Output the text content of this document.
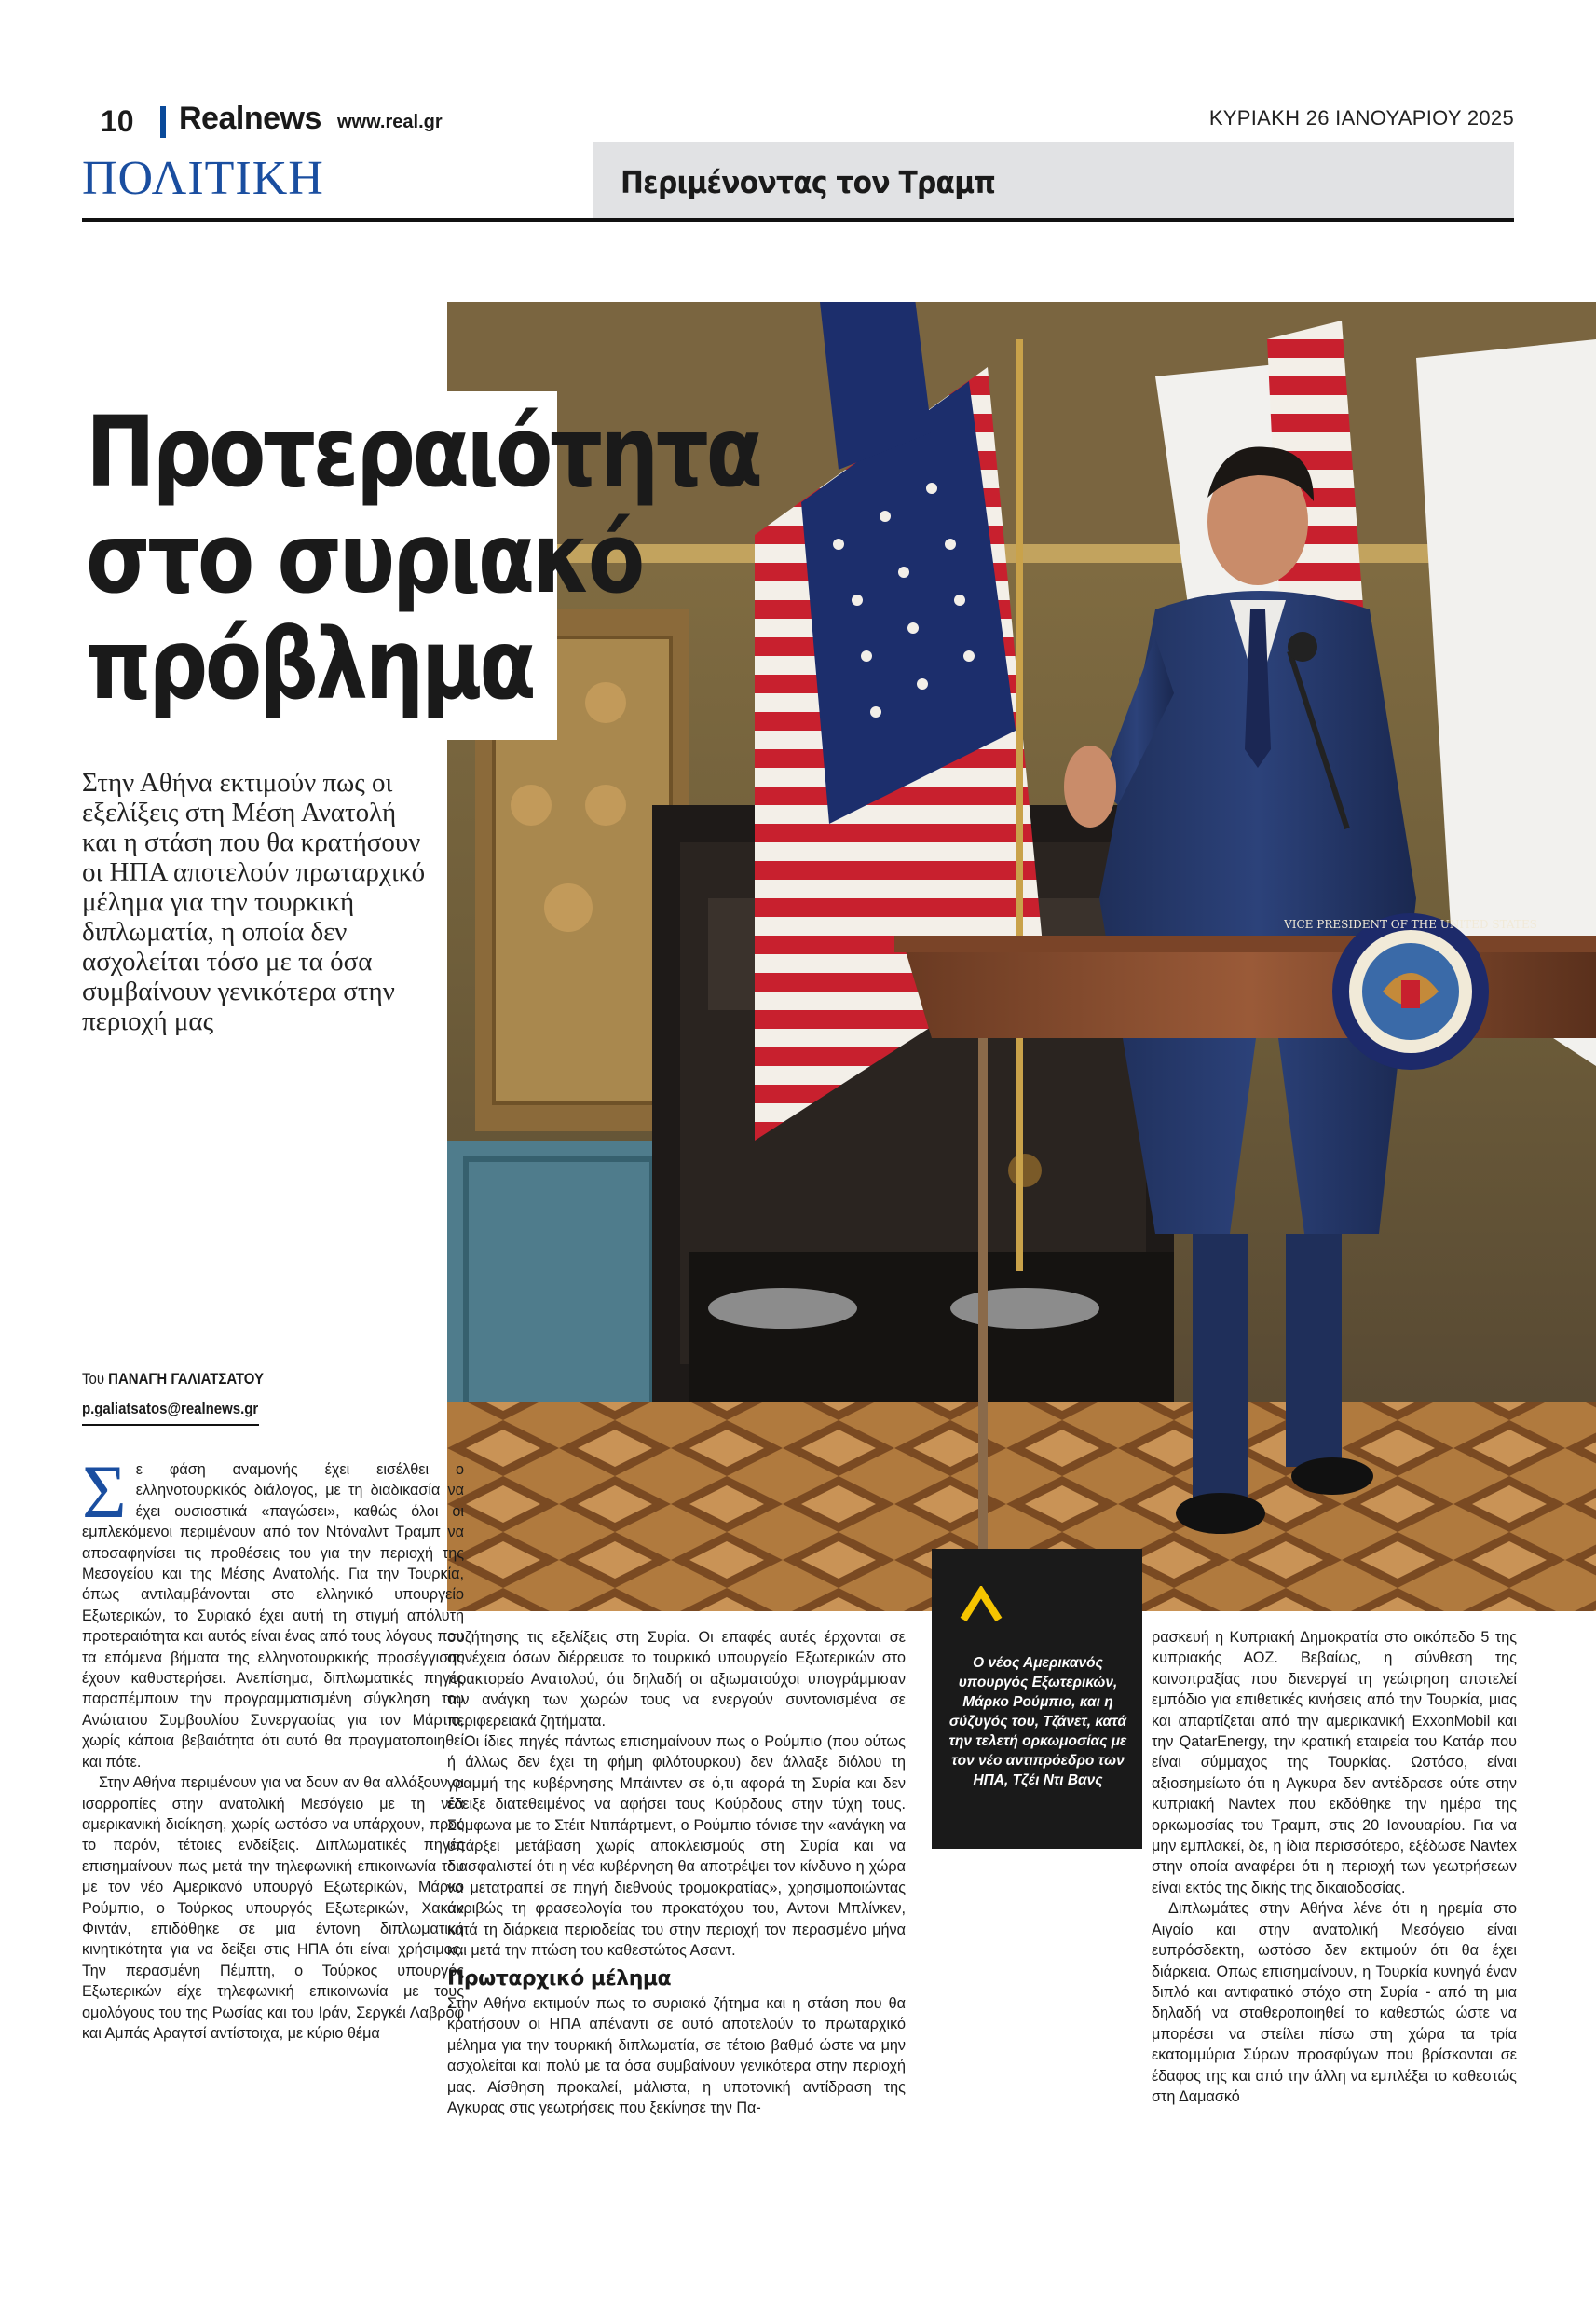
10 Realnews www.real.gr	ΚΥΡΙΑΚΗ 26 ΙΑΝΟΥΑΡΙΟΥ 2025
ΠΟΛΙΤΙΚΗ	Περιμένοντας τον Τραμπ
VICE PRESIDENT OF THE UNITED STATES
Προτεραιότητα
στο συριακό
πρόβλημα
Στην Αθήνα εκτιμούν πως οι εξελίξεις στη Μέση Ανατολή και η στάση που θα κρατήσουν οι ΗΠΑ αποτελούν πρωταρχικό μέλημα για την τουρκική διπλωματία, η οποία δεν ασχολείται τόσο με τα όσα συμβαίνουν γενικότερα στην περιοχή μας
Του ΠΑΝΑΓΗ ΓΑΛΙΑΤΣΑΤΟΥ
p.galiatsatos@realnews.gr
Σ ε φάση αναμονής έχει εισέλθει ο ελληνοτουρκικός διάλογος, με τη διαδικασία να έχει ουσιαστικά «παγώσει», καθώς όλοι οι εμπλεκόμενοι περιμένουν από τον Ντόναλντ Τραμπ να αποσαφηνίσει τις προθέσεις του για την περιοχή της Μεσογείου και της Μέσης Ανατολής. Για την Τουρκία, όπως αντιλαμβάνονται στο ελληνικό υπουργείο Εξωτερικών, το Συριακό έχει αυτή τη στιγμή απόλυτη προτεραιότητα και αυτός είναι ένας από τους λόγους που τα επόμενα βήματα της ελληνοτουρκικής προσέγγισης έχουν καθυστερήσει. Ανεπίσημα, διπλωματικές πηγές παραπέμπουν την προγραμματισμένη σύγκληση του Ανώτατου Συμβουλίου Συνεργασίας για τον Μάρτιο, χωρίς κάποια βεβαιότητα ότι αυτό θα πραγματοποιηθεί και πότε.

Στην Αθήνα περιμένουν για να δουν αν θα αλλάξουν οι ισορροπίες στην ανατολική Μεσόγειο με τη νέα αμερικανική διοίκηση, χωρίς ωστόσο να υπάρχουν, προς το παρόν, τέτοιες ενδείξεις. Διπλωματικές πηγές επισημαίνουν πως μετά την τηλεφωνική επικοινωνία του με τον νέο Αμερικανό υπουργό Εξωτερικών, Μάρκο Ρούμπιο, ο Τούρκος υπουργός Εξωτερικών, Χακάν Φιντάν, επιδόθηκε σε μια έντονη διπλωματική κινητικότητα για να δείξει στις ΗΠΑ ότι είναι χρήσιμος. Την περασμένη Πέμπτη, ο Τούρκος υπουργός Εξωτερικών είχε τηλεφωνική επικοινωνία με τους ομολόγους του της Ρωσίας και του Ιράν, Σεργκέι Λαβρόφ και Αμπάς Αραγτσί αντίστοιχα, με κύριο θέμα

συζήτησης τις εξελίξεις στη Συρία. Οι επαφές αυτές έρχονται σε συνέχεια όσων διέρρευσε το τουρκικό υπουργείο Εξωτερικών στο πρακτορείο Ανατολού, ότι δηλαδή οι αξιωματούχοι υπογράμμισαν την ανάγκη των χωρών τους να ενεργούν συντονισμένα σε περιφερειακά ζητήματα.

Οι ίδιες πηγές πάντως επισημαίνουν πως ο Ρούμπιο (που ούτως ή άλλως δεν έχει τη φήμη φιλότουρκου) δεν άλλαξε διόλου τη γραμμή της κυβέρνησης Μπάιντεν σε ό,τι αφορά τη Συρία και δεν έδειξε διατεθειμένος να αφήσει τους Κούρδους στην τύχη τους. Σύμφωνα με το Στέιτ Ντιπάρτμεντ, ο Ρούμπιο τόνισε την «ανάγκη να υπάρξει μετάβαση χωρίς αποκλεισμούς στη Συρία και να διασφαλιστεί ότι η νέα κυβέρνηση θα αποτρέψει τον κίνδυνο η χώρα να μετατραπεί σε πηγή διεθνούς τρομοκρατίας», χρησιμοποιώντας ακριβώς τη φρασεολογία του προκατόχου του, Αντονι Μπλίνκεν, κατά τη διάρκεια περιοδείας του στην περιοχή τον περασμένο μήνα και μετά την πτώση του καθεστώτος Ασαντ.

Πρωταρχικό μέλημα

Στην Αθήνα εκτιμούν πως το συριακό ζήτημα και η στάση που θα κρατήσουν οι ΗΠΑ απέναντι σε αυτό αποτελούν το πρωταρχικό μέλημα για την τουρκική διπλωματία, σε τέτοιο βαθμό ώστε να μην ασχολείται και πολύ με τα όσα συμβαίνουν γενικότερα στην περιοχή μας. Αίσθηση προκαλεί, μάλιστα, η υποτονική αντίδραση της Αγκυρας στις γεωτρήσεις που ξεκίνησε την Πα-

Ο νέος Αμερικανός υπουργός Εξωτερικών, Μάρκο Ρούμπιο, και η σύζυγός του, Τζάνετ, κατά την τελετή ορκωμοσίας με τον νέο αντιπρόεδρο των ΗΠΑ, Τζέι Ντι Βανς

ρασκευή η Κυπριακή Δημοκρατία στο οικόπεδο 5 της κυπριακής ΑΟΖ. Βεβαίως, η σύνθεση της κοινοπραξίας που διενεργεί τη γεώτρηση αποτελεί εμπόδιο για επιθετικές κινήσεις από την Τουρκία, μιας και απαρτίζεται από την αμερικανική ExxonMobil και την QatarEnergy, την κρατική εταιρεία του Κατάρ που είναι σύμμαχος της Τουρκίας. Ωστόσο, είναι αξιοσημείωτο ότι η Αγκυρα δεν αντέδρασε ούτε στην κυπριακή Navtex που εκδόθηκε την ημέρα της ορκωμοσίας του Τραμπ, στις 20 Ιανουαρίου. Για να μην εμπλακεί, δε, η ίδια περισσότερο, εξέδωσε Navtex στην οποία αναφέρει ότι η περιοχή των γεωτρήσεων είναι εκτός της δικής της δικαιοδοσίας.

Διπλωμάτες στην Αθήνα λένε ότι η ηρεμία στο Αιγαίο και στην ανατολική Μεσόγειο είναι ευπρόσδεκτη, ωστόσο δεν εκτιμούν ότι θα έχει διάρκεια. Οπως επισημαίνουν, η Τουρκία κυνηγά έναν διπλό και αντιφατικό στόχο στη Συρία - από τη μια δηλαδή να σταθεροποιηθεί το καθεστώς ώστε να μπορέσει να στείλει πίσω στη χώρα τα τρία εκατομμύρια Σύρων προσφύγων που βρίσκονται σε έδαφος της και από την άλλη να εμπλέξει το καθεστώς στη Δαμασκό
